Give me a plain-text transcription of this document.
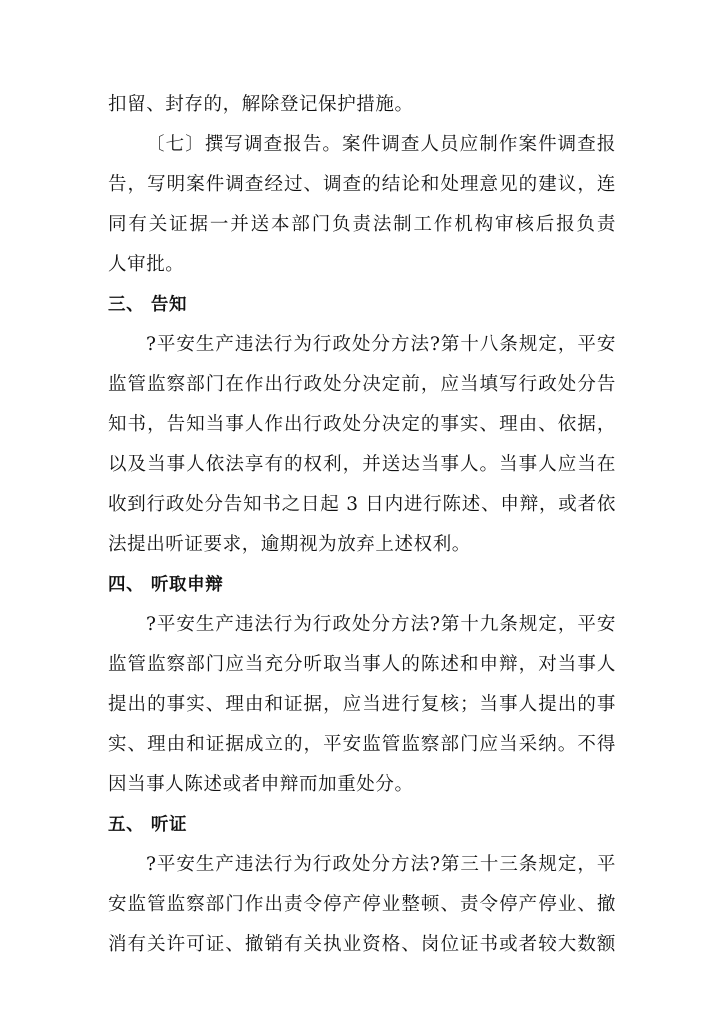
扣留、封存的，解除登记保护措施。
〔七〕撰写调查报告。案件调查人员应制作案件调查报
告，写明案件调查经过、调查的结论和处理意见的建议，连
同有关证据一并送本部门负责法制工作机构审核后报负责
人审批。
三、 告知
?平安生产违法行为行政处分方法?第十八条规定，平安
监管监察部门在作出行政处分决定前，应当填写行政处分告
知书，告知当事人作出行政处分决定的事实、理由、依据，
以及当事人依法享有的权利，并送达当事人。当事人应当在
收到行政处分告知书之日起 3 日内进行陈述、申辩，或者依
法提出听证要求，逾期视为放弃上述权利。
四、 听取申辩
?平安生产违法行为行政处分方法?第十九条规定，平安
监管监察部门应当充分听取当事人的陈述和申辩，对当事人
提出的事实、理由和证据，应当进行复核；当事人提出的事
实、理由和证据成立的，平安监管监察部门应当采纳。不得
因当事人陈述或者申辩而加重处分。
五、 听证
?平安生产违法行为行政处分方法?第三十三条规定，平
安监管监察部门作出责令停产停业整顿、责令停产停业、撤
消有关许可证、撤销有关执业资格、岗位证书或者较大数额
